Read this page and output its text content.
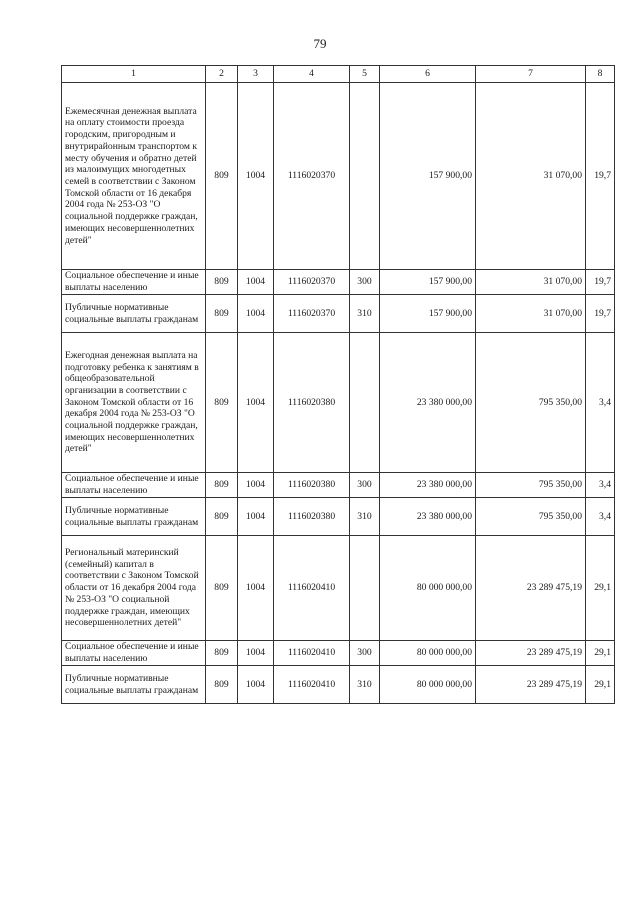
79
1	2	3	4	5	6	7	8
Ежемесячная денежная выплата на оплату стоимости проезда городским, пригородным и внутрирайонным транспортом к месту обучения и обратно детей из малоимущих многодетных семей в соответствии с Законом Томской области от 16 декабря 2004 года № 253-ОЗ "О социальной поддержке граждан, имеющих несовершеннолетних детей"	809	1004	1116020370		157 900,00	31 070,00	19,7
Социальное обеспечение и иные выплаты населению	809	1004	1116020370	300	157 900,00	31 070,00	19,7
Публичные нормативные социальные выплаты гражданам	809	1004	1116020370	310	157 900,00	31 070,00	19,7
Ежегодная денежная выплата на подготовку ребенка к занятиям в общеобразовательной организации в соответствии с Законом Томской области от 16 декабря 2004 года № 253-ОЗ "О социальной поддержке граждан, имеющих несовершеннолетних детей"	809	1004	1116020380		23 380 000,00	795 350,00	3,4
Социальное обеспечение и иные выплаты населению	809	1004	1116020380	300	23 380 000,00	795 350,00	3,4
Публичные нормативные социальные выплаты гражданам	809	1004	1116020380	310	23 380 000,00	795 350,00	3,4
Региональный материнский (семейный) капитал в соответствии с Законом Томской области от 16 декабря 2004 года № 253-ОЗ "О социальной поддержке граждан, имеющих несовершеннолетних детей"	809	1004	1116020410		80 000 000,00	23 289 475,19	29,1
Социальное обеспечение и иные выплаты населению	809	1004	1116020410	300	80 000 000,00	23 289 475,19	29,1
Публичные нормативные социальные выплаты гражданам	809	1004	1116020410	310	80 000 000,00	23 289 475,19	29,1
